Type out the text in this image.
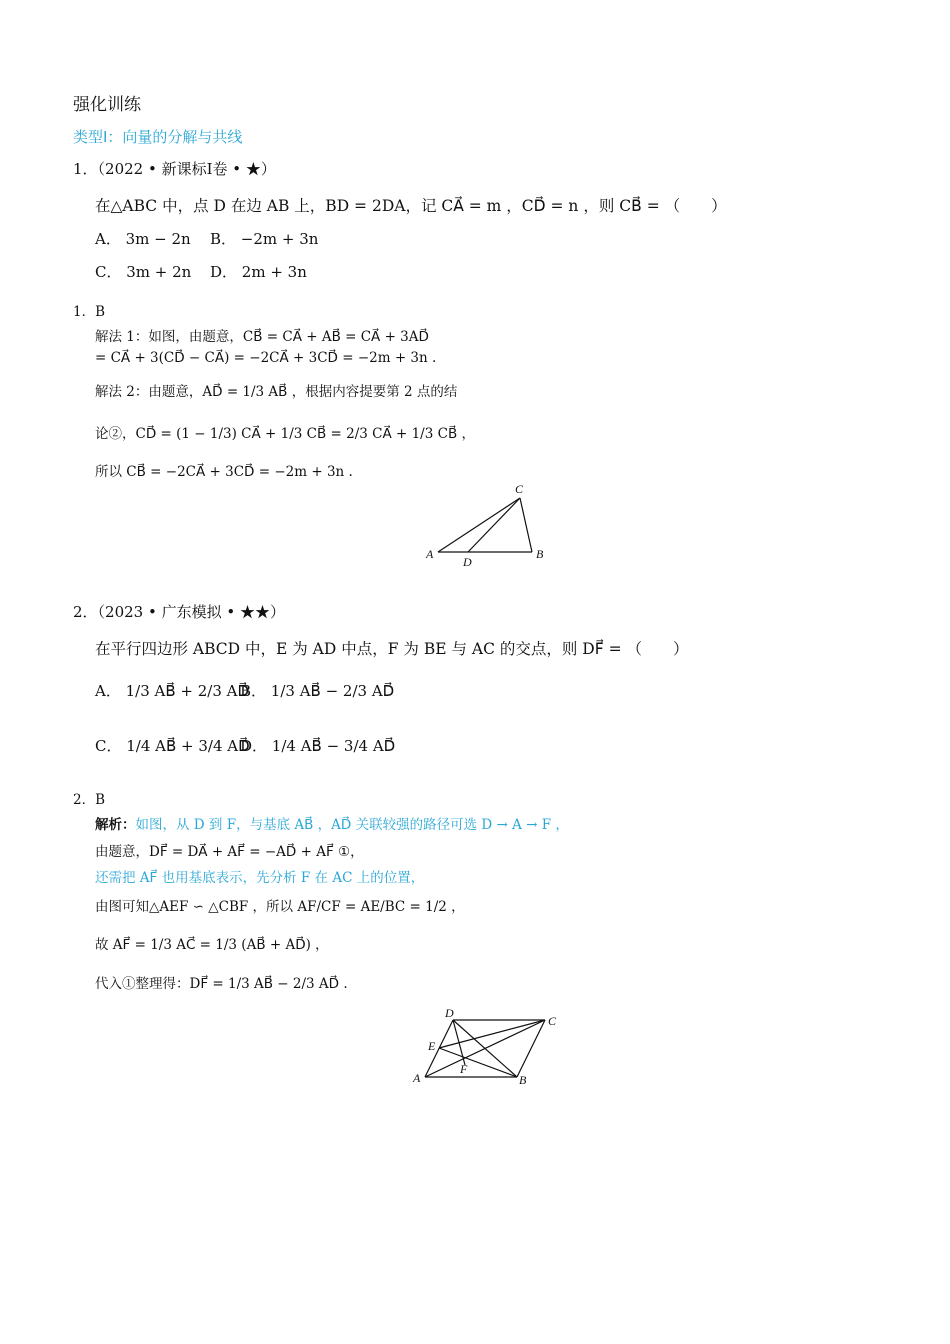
强化训练
类型Ⅰ：向量的分解与共线
1．（2022 • 新课标Ⅰ卷 • ★）
在△ABC 中，点 D 在边 AB 上，BD = 2DA，记 CA⃗ = m ，CD⃗ = n ，则 CB⃗ = （　　）
A． 3m − 2n B． −2m + 3n
C． 3m + 2n D． 2m + 3n
1．B
解法 1：如图，由题意，CB⃗ = CA⃗ + AB⃗ = CA⃗ + 3AD⃗
= CA⃗ + 3(CD⃗ − CA⃗) = −2CA⃗ + 3CD⃗ = −2m + 3n .
解法 2：由题意，AD⃗ = 1/3 AB⃗ ，根据内容提要第 2 点的结
论②，CD⃗ = (1 − 1/3) CA⃗ + 1/3 CB⃗ = 2/3 CA⃗ + 1/3 CB⃗ ，
所以 CB⃗ = −2CA⃗ + 3CD⃗ = −2m + 3n .
A	B
C
D
2．（2023 • 广东模拟 • ★★）
在平行四边形 ABCD 中，E 为 AD 中点，F 为 BE 与 AC 的交点，则 DF⃗ = （　　）
A． 1/3 AB⃗ + 2/3 AD⃗
B． 1/3 AB⃗ − 2/3 AD⃗
C． 1/4 AB⃗ + 3/4 AD⃗
D． 1/4 AB⃗ − 3/4 AD⃗
2．B
解析：如图，从 D 到 F，与基底 AB⃗ ，AD⃗ 关联较强的路径可选 D → A → F ，
由题意，DF⃗ = DA⃗ + AF⃗ = −AD⃗ + AF⃗ ①，
还需把 AF⃗ 也用基底表示，先分析 F 在 AC 上的位置，
由图可知△AEF ∽ △CBF ，所以 AF/CF = AE/BC = 1/2 ，
故 AF⃗ = 1/3 AC⃗ = 1/3 (AB⃗ + AD⃗) ，
代入①整理得：DF⃗ = 1/3 AB⃗ − 2/3 AD⃗ .
A	B
C
D
E
F
